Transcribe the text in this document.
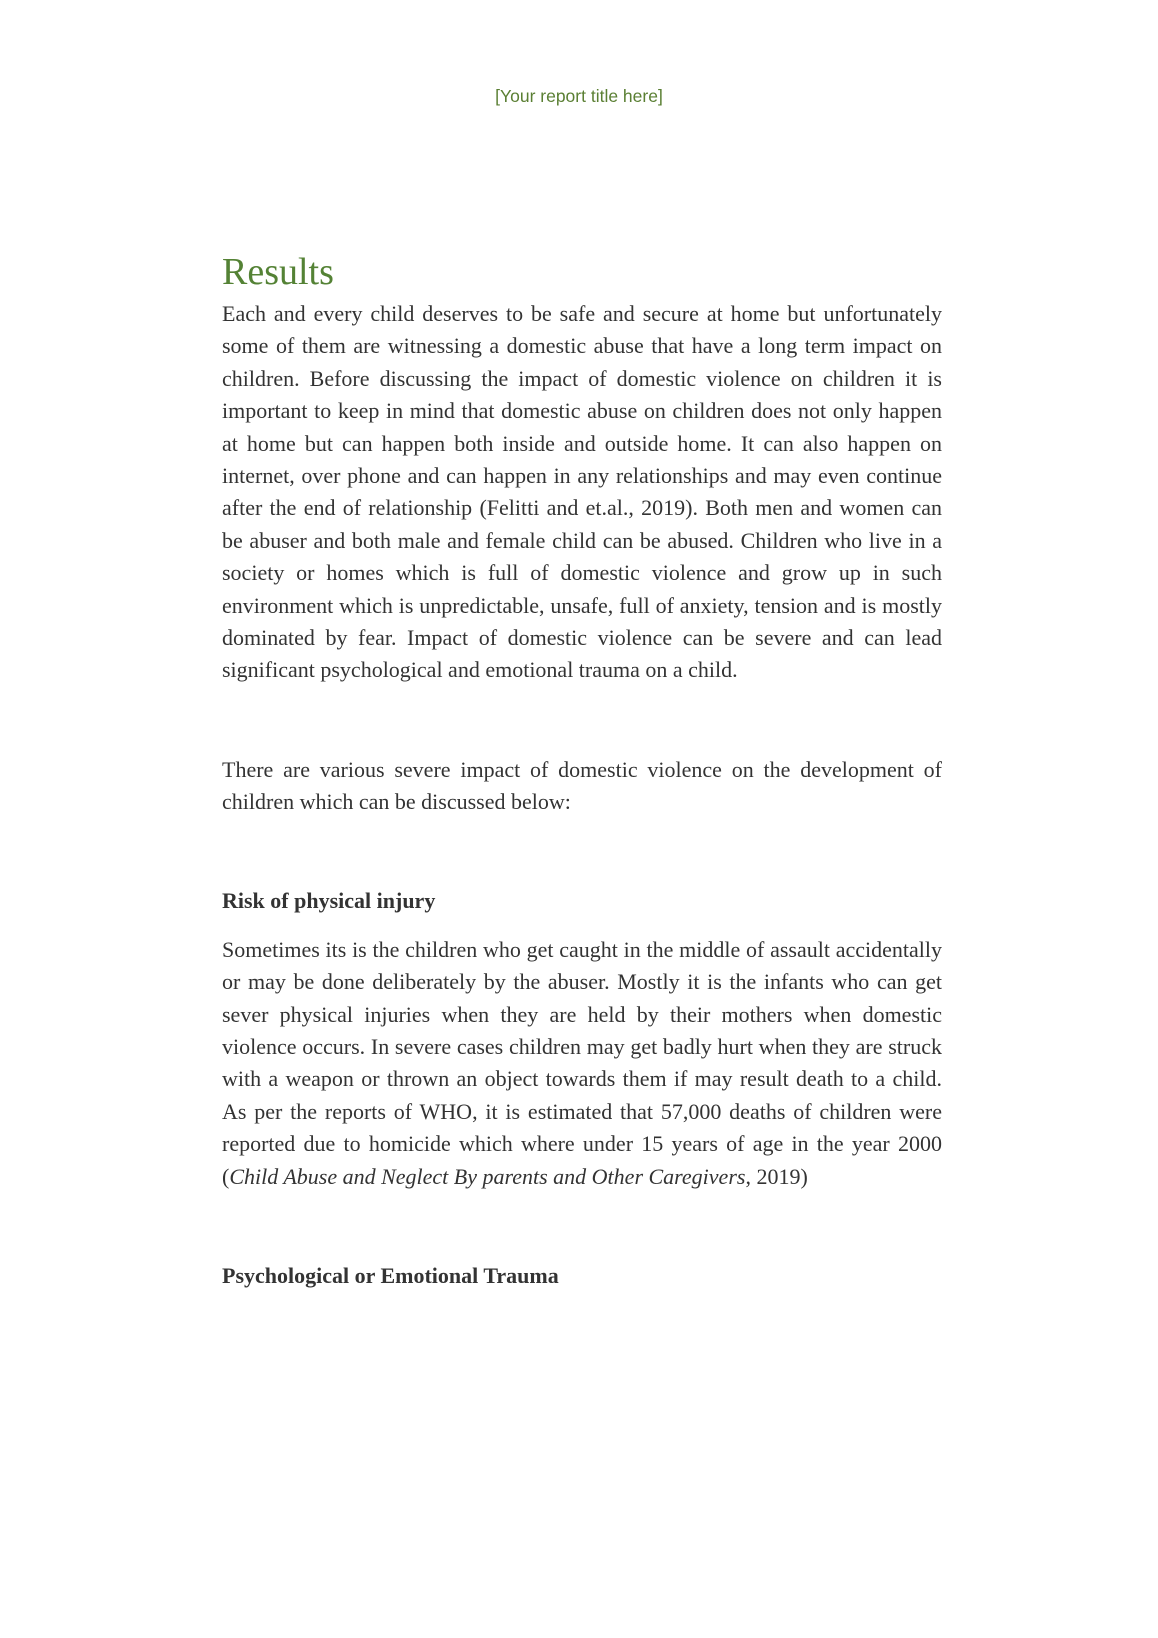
[Your report title here]
Results

Each and every child deserves to be safe and secure at home but unfortunately some of them are witnessing a domestic abuse that have a long term impact on children. Before discussing the impact of domestic violence on children it is important to keep in mind that domestic abuse on children does not only happen at home but can happen both inside and outside home. It can also happen on internet, over phone and can happen in any relationships and may even continue after the end of relationship (Felitti and et.al., 2019). Both men and women can be abuser and both male and female child can be abused. Children who live in a society or homes which is full of domestic violence and grow up in such environment which is unpredictable, unsafe, full of anxiety, tension and is mostly dominated by fear. Impact of domestic violence can be severe and can lead significant psychological and emotional trauma on a child.

There are various severe impact of domestic violence on the development of children which can be discussed below:

Risk of physical injury

Sometimes its is the children who get caught in the middle of assault accidentally or may be done deliberately by the abuser. Mostly it is the infants who can get sever physical injuries when they are held by their mothers when domestic violence occurs. In severe cases children may get badly hurt when they are struck with a weapon or thrown an object towards them if may result death to a child. As per the reports of WHO, it is estimated that 57,000 deaths of children were reported due to homicide which where under 15 years of age in the year 2000 (Child Abuse and Neglect By parents and Other Caregivers, 2019)

Psychological or Emotional Trauma
